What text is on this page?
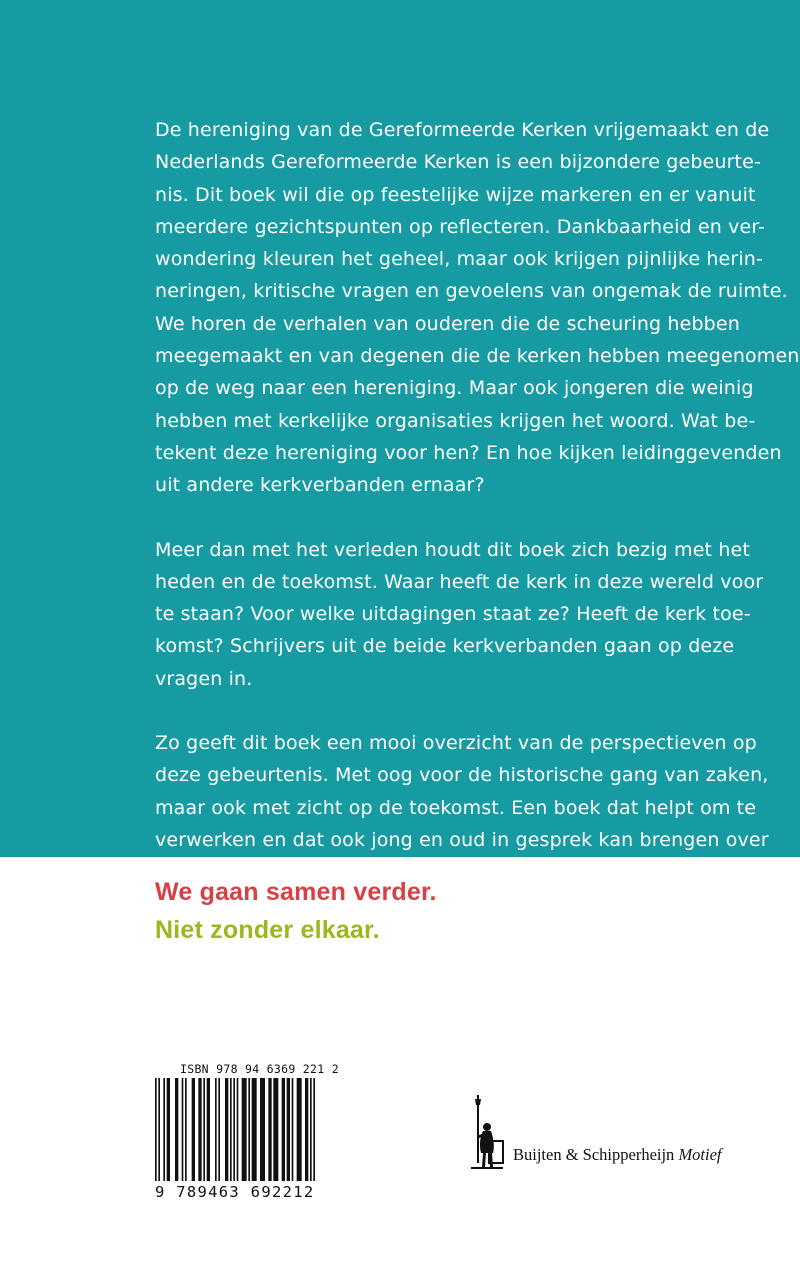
De hereniging van de Gereformeerde Kerken vrijgemaakt en de
Nederlands Gereformeerde Kerken is een bijzondere gebeurte-
nis. Dit boek wil die op feestelijke wijze markeren en er vanuit
meerdere gezichtspunten op reflecteren. Dankbaarheid en ver-
wondering kleuren het geheel, maar ook krijgen pijnlijke herin-
neringen, kritische vragen en gevoelens van ongemak de ruimte.
We horen de verhalen van ouderen die de scheuring hebben
meegemaakt en van degenen die de kerken hebben meegenomen
op de weg naar een hereniging. Maar ook jongeren die weinig
hebben met kerkelijke organisaties krijgen het woord. Wat be-
tekent deze hereniging voor hen? En hoe kijken leidinggevenden
uit andere kerkverbanden ernaar?
Meer dan met het verleden houdt dit boek zich bezig met het
heden en de toekomst. Waar heeft de kerk in deze wereld voor
te staan? Voor welke uitdagingen staat ze? Heeft de kerk toe-
komst? Schrijvers uit de beide kerkverbanden gaan op deze
vragen in.
Zo geeft dit boek een mooi overzicht van de perspectieven op
deze gebeurtenis. Met oog voor de historische gang van zaken,
maar ook met zicht op de toekomst. Een boek dat helpt om te
verwerken en dat ook jong en oud in gesprek kan brengen over
kerk-zijn in deze tijd.
We gaan samen verder.
Niet zonder elkaar.
ISBN 978 94 6369 221 2
9 789463 692212
Buijten & Schipperheijn Motief
